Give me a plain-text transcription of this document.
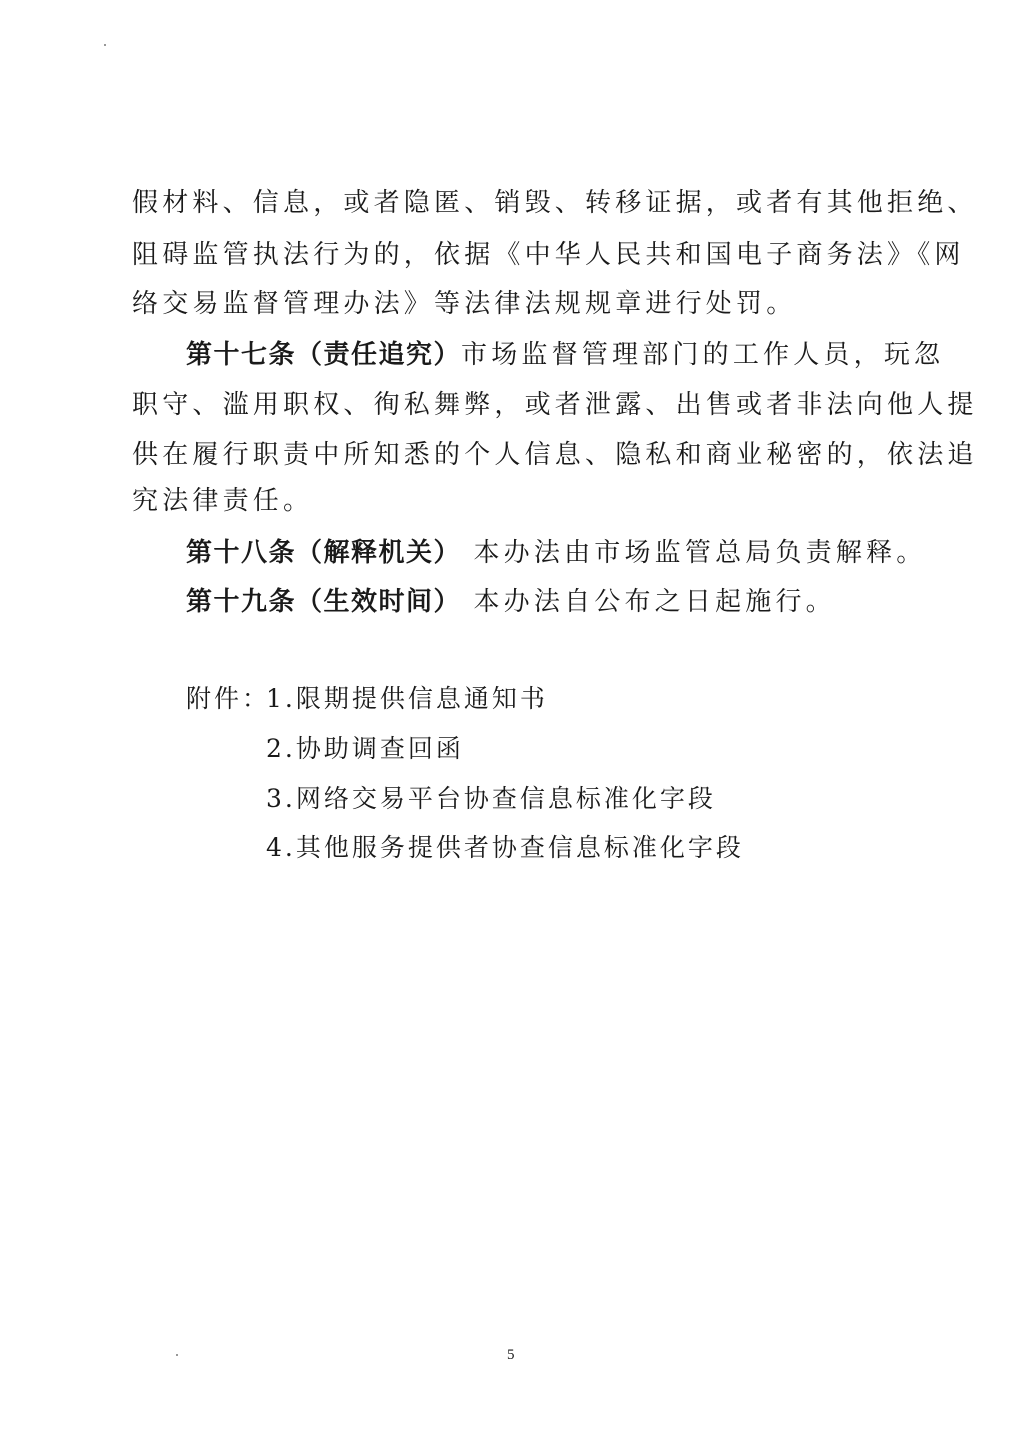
假材料、信息，或者隐匿、销毁、转移证据，或者有其他拒绝、
阻碍监管执法行为的，依据《中华人民共和国电子商务法》《网
络交易监督管理办法》等法律法规规章进行处罚。
第十七条（责任追究）市场监督管理部门的工作人员，玩忽
职守、滥用职权、徇私舞弊，或者泄露、出售或者非法向他人提
供在履行职责中所知悉的个人信息、隐私和商业秘密的，依法追
究法律责任。
第十八条（解释机关） 本办法由市场监管总局负责解释。
第十九条（生效时间） 本办法自公布之日起施行。
附件：
1.限期提供信息通知书
2.协助调查回函
3.网络交易平台协查信息标准化字段
4.其他服务提供者协查信息标准化字段
5
